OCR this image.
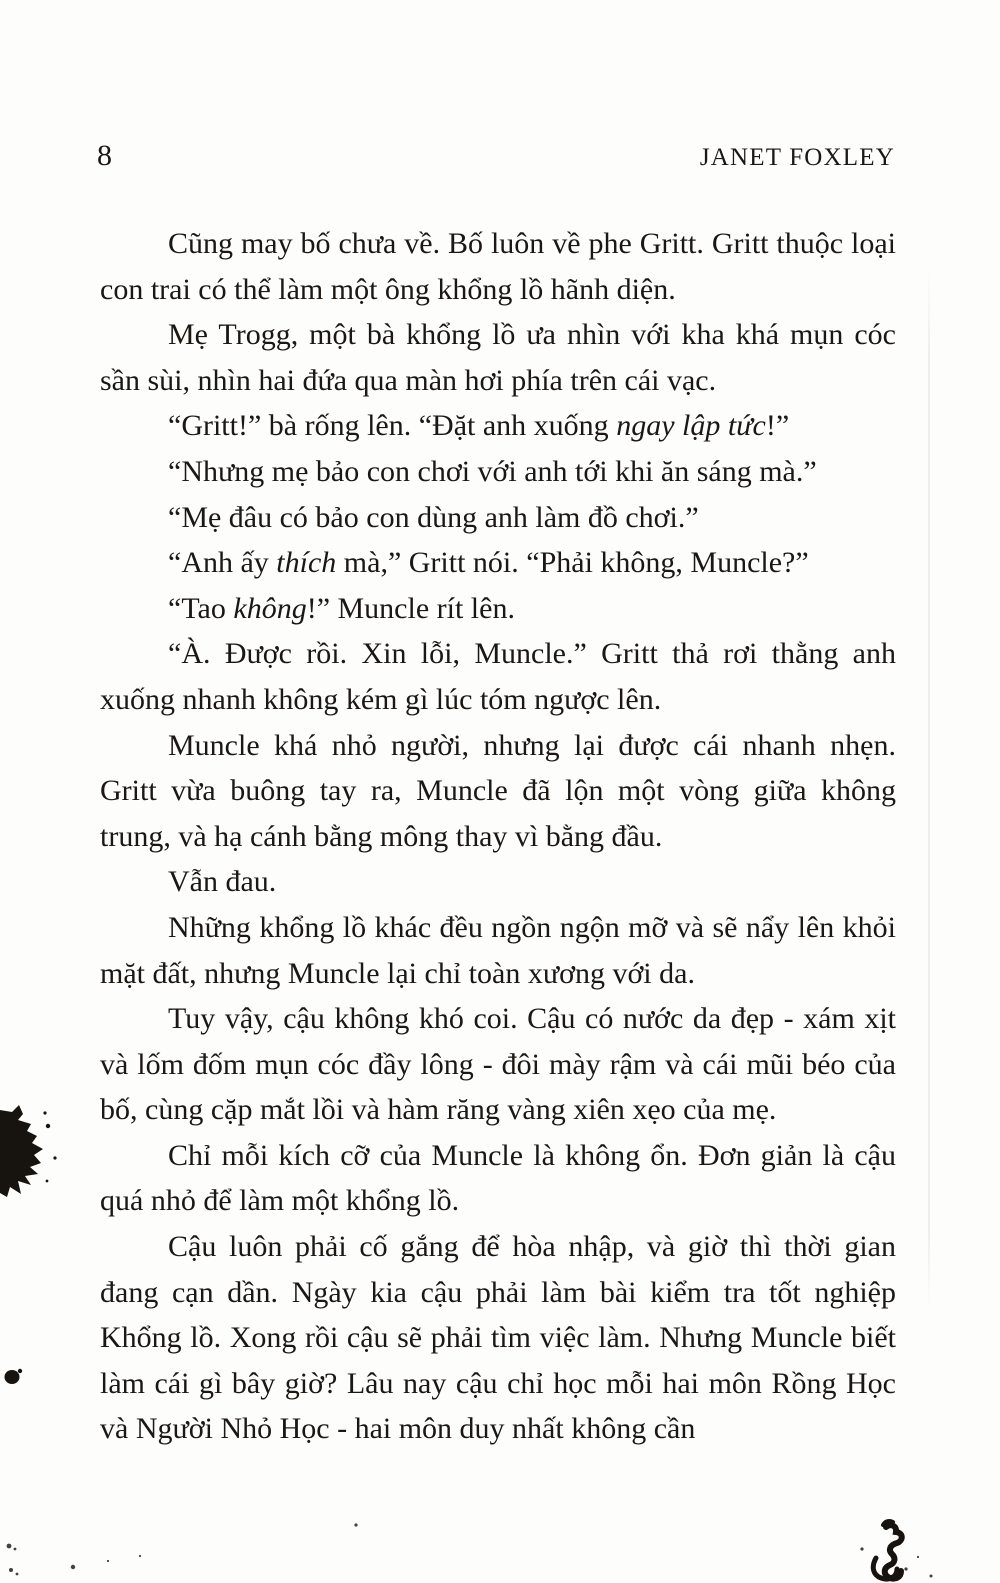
8	JANET FOXLEY

Cũng may bố chưa về. Bố luôn về phe Gritt. Gritt thuộc loại con trai có thể làm một ông khổng lồ hãnh diện.

Mẹ Trogg, một bà khổng lồ ưa nhìn với kha khá mụn cóc sần sùi, nhìn hai đứa qua màn hơi phía trên cái vạc.

“Gritt!” bà rống lên. “Đặt anh xuống ngay lập tức!”

“Nhưng mẹ bảo con chơi với anh tới khi ăn sáng mà.”

“Mẹ đâu có bảo con dùng anh làm đồ chơi.”

“Anh ấy thích mà,” Gritt nói. “Phải không, Muncle?”

“Tao không!” Muncle rít lên.

“À. Được rồi. Xin lỗi, Muncle.” Gritt thả rơi thằng anh xuống nhanh không kém gì lúc tóm ngược lên.

Muncle khá nhỏ người, nhưng lại được cái nhanh nhẹn. Gritt vừa buông tay ra, Muncle đã lộn một vòng giữa không trung, và hạ cánh bằng mông thay vì bằng đầu.

Vẫn đau.

Những khổng lồ khác đều ngồn ngộn mỡ và sẽ nẩy lên khỏi mặt đất, nhưng Muncle lại chỉ toàn xương với da.

Tuy vậy, cậu không khó coi. Cậu có nước da đẹp - xám xịt và lốm đốm mụn cóc đầy lông - đôi mày rậm và cái mũi béo của bố, cùng cặp mắt lồi và hàm răng vàng xiên xẹo của mẹ.

Chỉ mỗi kích cỡ của Muncle là không ổn. Đơn giản là cậu quá nhỏ để làm một khổng lồ.

Cậu luôn phải cố gắng để hòa nhập, và giờ thì thời gian đang cạn dần. Ngày kia cậu phải làm bài kiểm tra tốt nghiệp Khổng lồ. Xong rồi cậu sẽ phải tìm việc làm. Nhưng Muncle biết làm cái gì bây giờ? Lâu nay cậu chỉ học mỗi hai môn Rồng Học và Người Nhỏ Học - hai môn duy nhất không cần
